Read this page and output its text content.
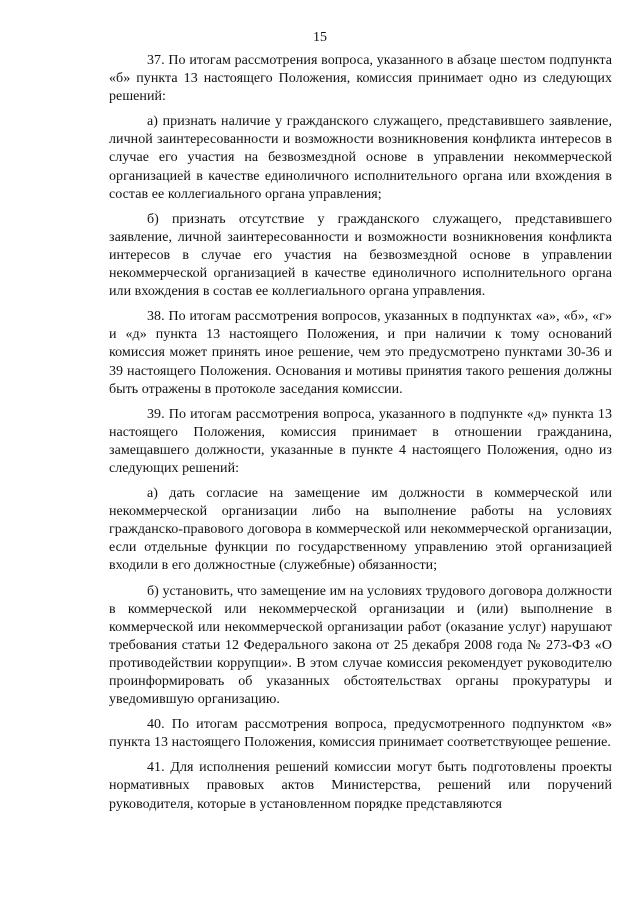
15

37. По итогам рассмотрения вопроса, указанного в абзаце шестом подпункта «б» пункта 13 настоящего Положения, комиссия принимает одно из следующих решений:

а) признать наличие у гражданского служащего, представившего заявление, личной заинтересованности и возможности возникновения конфликта интересов в случае его участия на безвозмездной основе в управлении некоммерческой организацией в качестве единоличного исполнительного органа или вхождения в состав ее коллегиального органа управления;

б) признать отсутствие у гражданского служащего, представившего заявление, личной заинтересованности и возможности возникновения конфликта интересов в случае его участия на безвозмездной основе в управлении некоммерческой организацией в качестве единоличного исполнительного органа или вхождения в состав ее коллегиального органа управления.

38. По итогам рассмотрения вопросов, указанных в подпунктах «а», «б», «г» и «д» пункта 13 настоящего Положения, и при наличии к тому оснований комиссия может принять иное решение, чем это предусмотрено пунктами 30-36 и 39 настоящего Положения. Основания и мотивы принятия такого решения должны быть отражены в протоколе заседания комиссии.

39. По итогам рассмотрения вопроса, указанного в подпункте «д» пункта 13 настоящего Положения, комиссия принимает в отношении гражданина, замещавшего должности, указанные в пункте 4 настоящего Положения, одно из следующих решений:

а) дать согласие на замещение им должности в коммерческой или некоммерческой организации либо на выполнение работы на условиях гражданско-правового договора в коммерческой или некоммерческой организации, если отдельные функции по государственному управлению этой организацией входили в его должностные (служебные) обязанности;

б) установить, что замещение им на условиях трудового договора должности в коммерческой или некоммерческой организации и (или) выполнение в коммерческой или некоммерческой организации работ (оказание услуг) нарушают требования статьи 12 Федерального закона от 25 декабря 2008 года № 273-ФЗ «О противодействии коррупции». В этом случае комиссия рекомендует руководителю проинформировать об указанных обстоятельствах органы прокуратуры и уведомившую организацию.

40. По итогам рассмотрения вопроса, предусмотренного подпунктом «в» пункта 13 настоящего Положения, комиссия принимает соответствующее решение.

41. Для исполнения решений комиссии могут быть подготовлены проекты нормативных правовых актов Министерства, решений или поручений руководителя, которые в установленном порядке представляются
